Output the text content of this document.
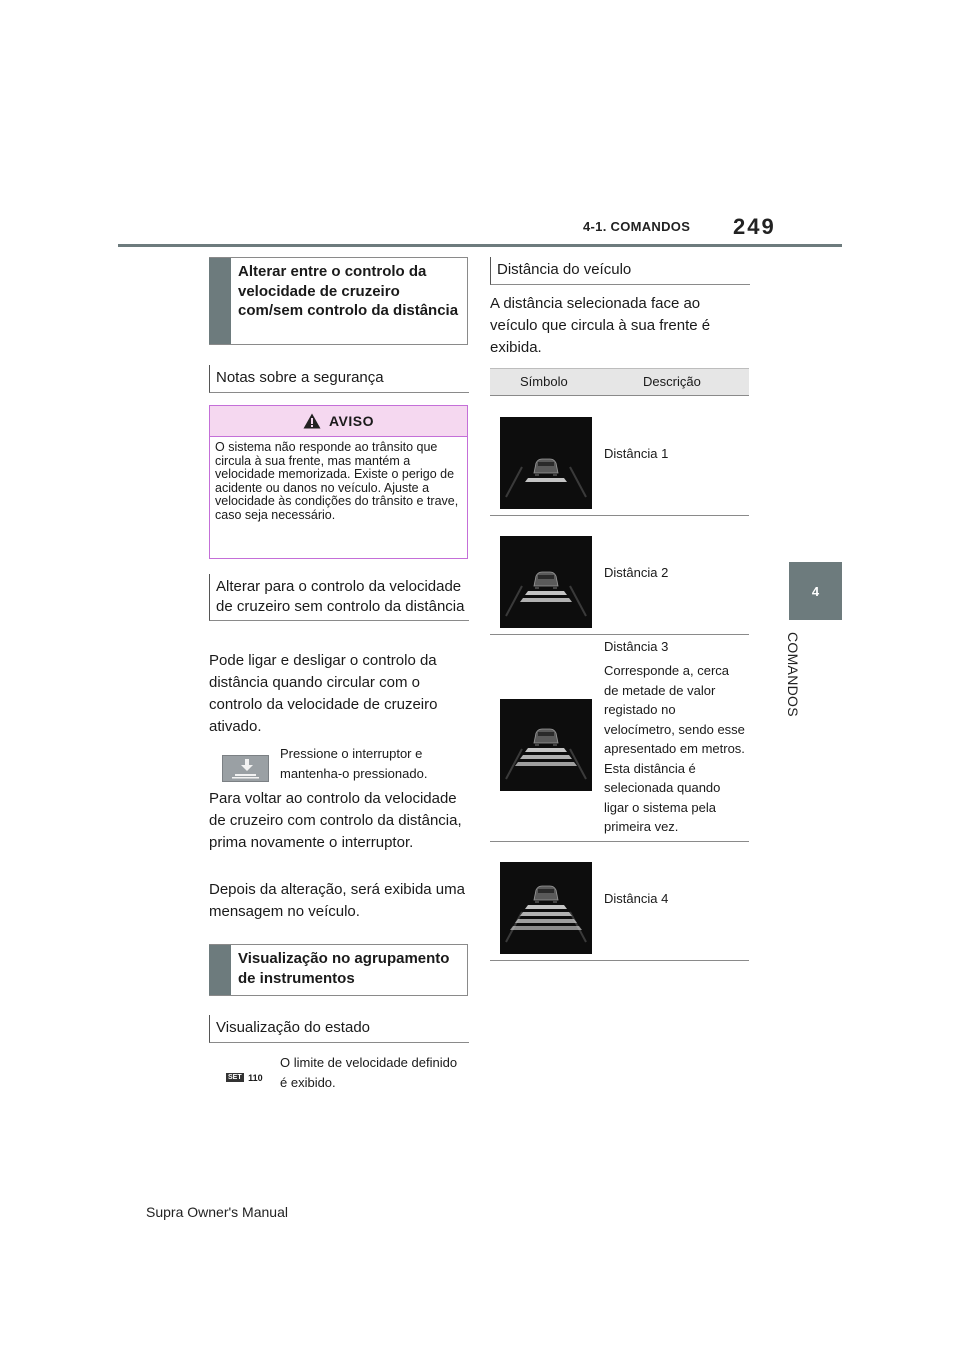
4-1. COMANDOS 249
4
COMANDOS
Alterar entre o controlo da velocidade de cruzeiro com/sem controlo da distância
Notas sobre a segurança
AVISO
O sistema não responde ao trânsito que circula à sua frente, mas mantém a velocidade memorizada. Existe o perigo de acidente ou danos no veículo. Ajuste a velocidade às condições do trânsito e trave, caso seja necessário.
Alterar para o controlo da velocidade de cruzeiro sem controlo da distância
Pode ligar e desligar o controlo da distância quando circular com o controlo da velocidade de cruzeiro ativado.
Pressione o interruptor e mantenha-o pressionado.
Para voltar ao controlo da velocidade de cruzeiro com controlo da distância, prima novamente o interruptor.
Depois da alteração, será exibida uma mensagem no veículo.
Visualização no agrupamento de instrumentos
Visualização do estado
SET 110
O limite de velocidade definido é exibido.
Distância do veículo
A distância selecionada face ao veículo que circula à sua frente é exibida.
Símbolo	Descrição
Distância 1
Distância 2
Distância 3
Corresponde a, cerca de metade de valor registado no velocímetro, sendo esse apresentado em metros. Esta distância é selecionada quando ligar o sistema pela primeira vez.
Distância 4
Supra Owner's Manual
